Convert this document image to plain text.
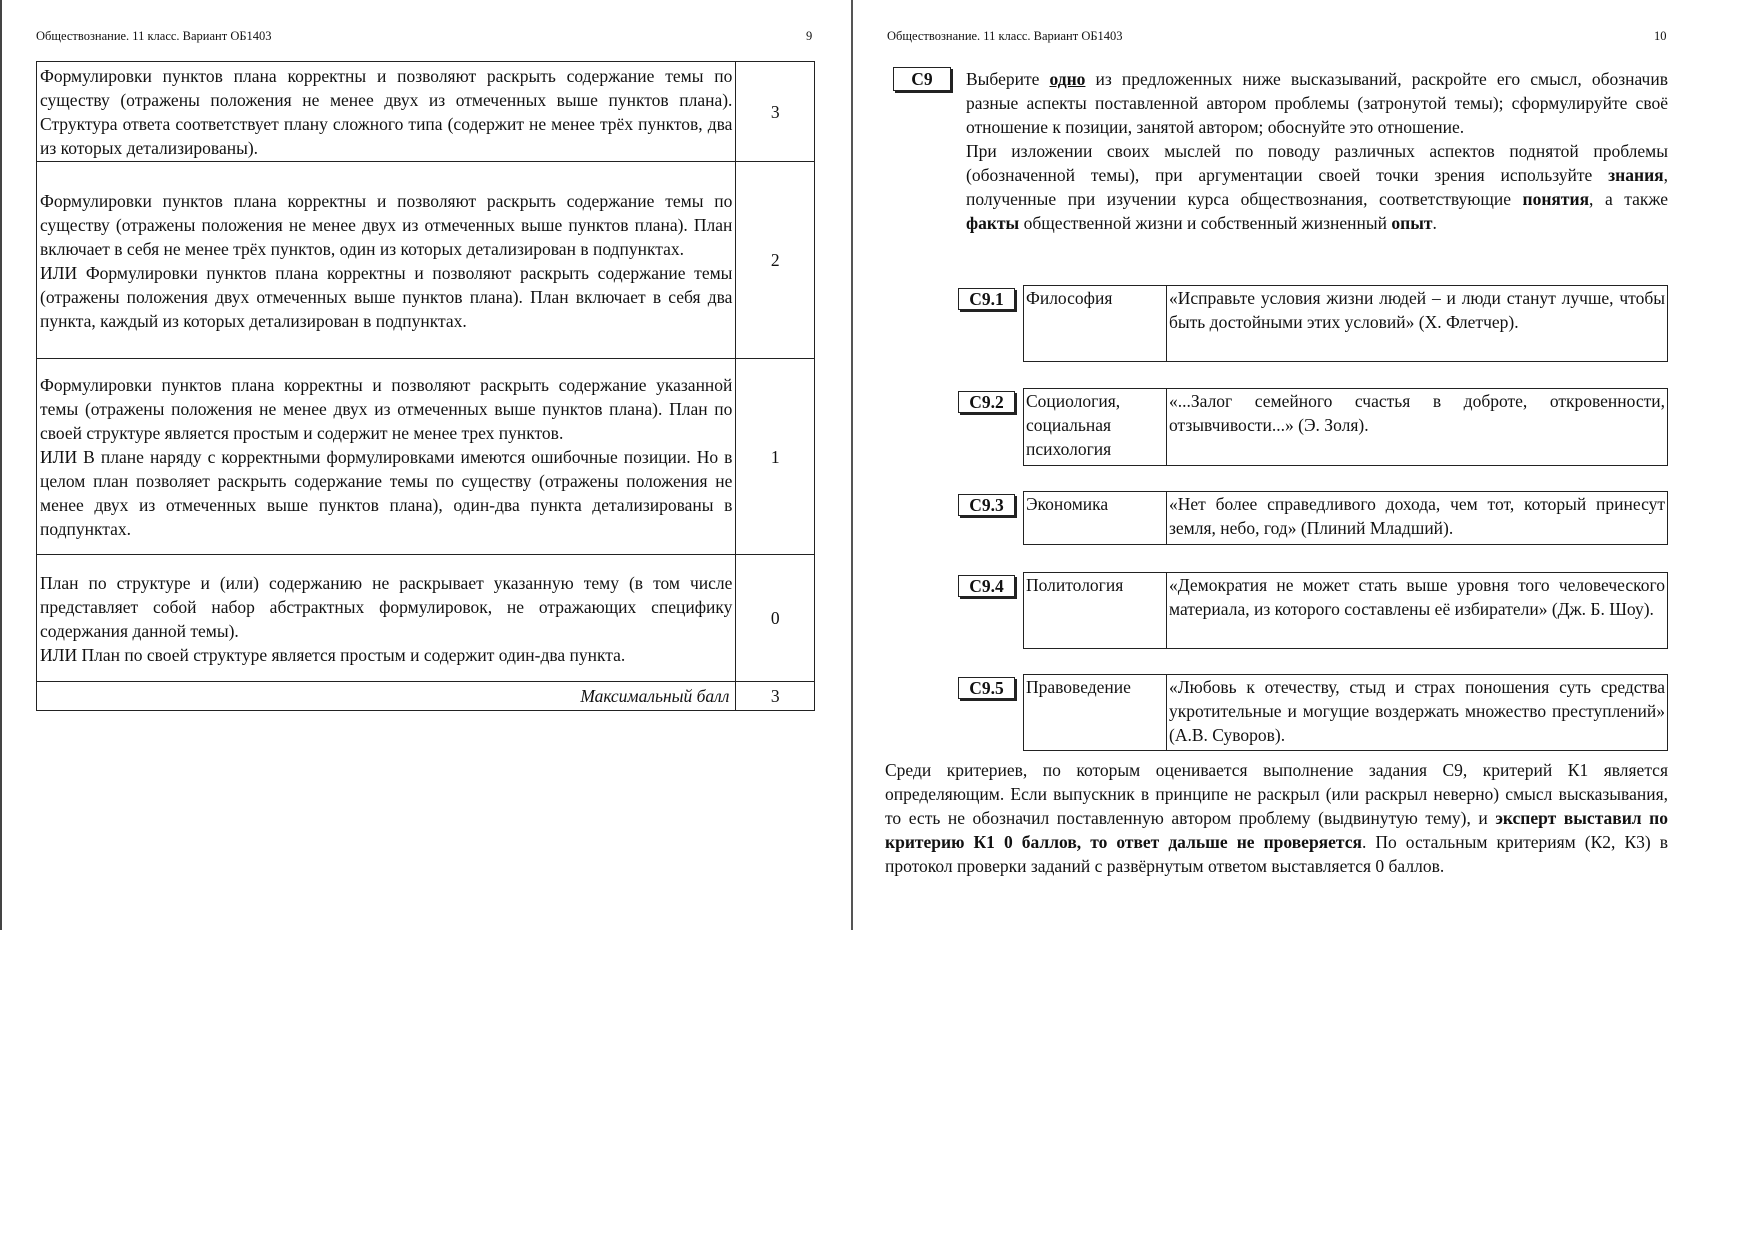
Обществознание. 11 класс. Вариант ОБ1403	9

Формулировки пунктов плана корректны и позволяют раскрыть содержание темы по существу (отражены положения не менее двух из отмеченных выше пунктов плана). Структура ответа соответствует плану сложного типа (содержит не менее трёх пунктов, два из которых детализированы).	3

Формулировки пунктов плана корректны и позволяют раскрыть содержание темы по существу (отражены положения не менее двух из отмеченных выше пунктов плана). План включает в себя не менее трёх пунктов, один из которых детализирован в подпунктах.

ИЛИ Формулировки пунктов плана корректны и позволяют раскрыть содержание темы (отражены положения двух отмеченных выше пунктов плана). План включает в себя два пункта, каждый из которых детализирован в подпунктах.	2

Формулировки пунктов плана корректны и позволяют раскрыть содержание указанной темы (отражены положения не менее двух из отмеченных выше пунктов плана). План по своей структуре является простым и содержит не менее трех пунктов.

ИЛИ В плане наряду с корректными формулировками имеются ошибочные позиции. Но в целом план позволяет раскрыть содержание темы по существу (отражены положения не менее двух из отмеченных выше пунктов плана), один-два пункта детализированы в подпунктах.	1

План по структуре и (или) содержанию не раскрывает указанную тему (в том числе представляет собой набор абстрактных формулировок, не отражающих специфику содержания данной темы).

ИЛИ План по своей структуре является простым и содержит один-два пункта.	0
Максимальный балл	3
Обществознание. 11 класс. Вариант ОБ1403	10
С9	Выберите одно из предложенных ниже высказываний, раскройте его смысл, обозначив разные аспекты поставленной автором проблемы (затронутой темы); сформулируйте своё отношение к позиции, занятой автором; обоснуйте это отношение.

При изложении своих мыслей по поводу различных аспектов поднятой проблемы (обозначенной темы), при аргументации своей точки зрения используйте знания, полученные при изучении курса обществознания, соответствующие понятия, а также факты общественной жизни и собственный жизненный опыт.

С9.1	Философия	«Исправьте условия жизни людей – и люди станут лучше, чтобы быть достойными этих условий» (Х. Флетчер).
С9.2	Социология, социальная психология	«...Залог семейного счастья в доброте, откровенности, отзывчивости...» (Э. Золя).
С9.3	Экономика	«Нет более справедливого дохода, чем тот, который принесут земля, небо, год» (Плиний Младший).
С9.4	Политология	«Демократия не может стать выше уровня того человеческого материала, из которого составлены её избиратели» (Дж. Б. Шоу).
С9.5	Правоведение	«Любовь к отечеству, стыд и страх поношения суть средства укротительные и могущие воздержать множество преступлений» (А.В. Суворов).
Среди критериев, по которым оценивается выполнение задания С9, критерий К1 является определяющим. Если выпускник в принципе не раскрыл (или раскрыл неверно) смысл высказывания, то есть не обозначил поставленную автором проблему (выдвинутую тему), и эксперт выставил по критерию К1 0 баллов, то ответ дальше не проверяется. По остальным критериям (К2, К3) в протокол проверки заданий с развёрнутым ответом выставляется 0 баллов.
